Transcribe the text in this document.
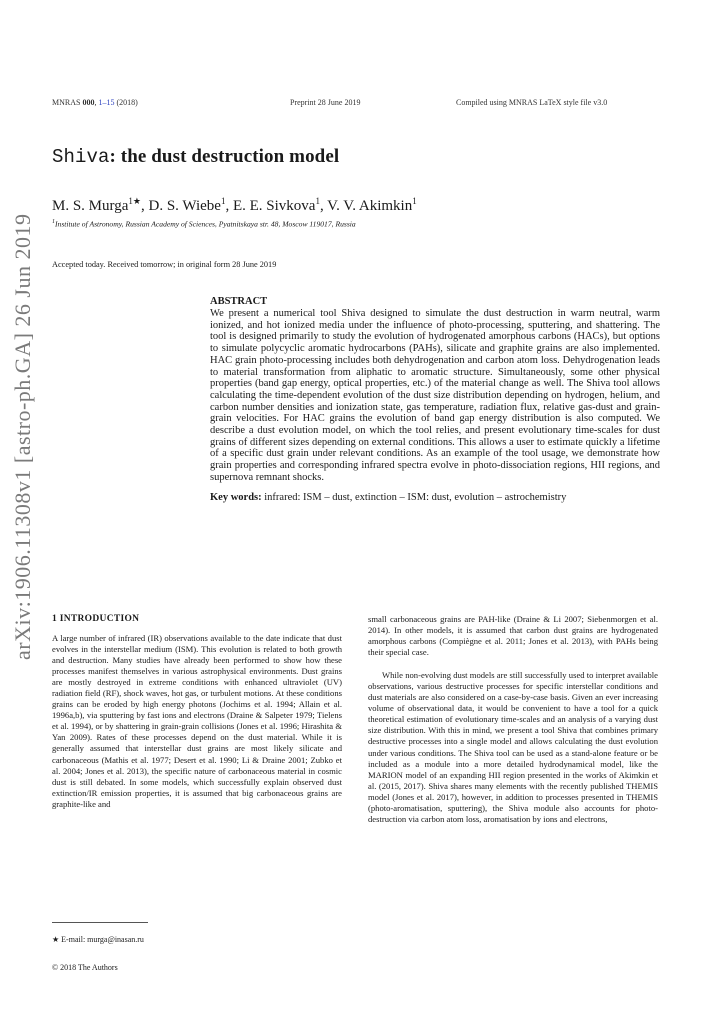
MNRAS 000, 1–15 (2018)	Preprint 28 June 2019	Compiled using MNRAS LaTeX style file v3.0
Shiva: the dust destruction model
M. S. Murga$^{1★}$, D. S. Wiebe$^1$, E. E. Sivkova$^1$, V. V. Akimkin$^1$
$^1$Institute of Astronomy, Russian Academy of Sciences, Pyatnitskaya str. 48, Moscow 119017, Russia
Accepted today. Received tomorrow; in original form 28 June 2019
arXiv:1906.11308v1 [astro-ph.GA] 26 Jun 2019	ABSTRACT
We present a numerical tool Shiva designed to simulate the dust destruction in warm neutral, warm ionized, and hot ionized media under the influence of photo-processing, sputtering, and shattering. The tool is designed primarily to study the evolution of hydrogenated amorphous carbons (HACs), but options to simulate polycyclic aromatic hydrocarbons (PAHs), silicate and graphite grains are also implemented. HAC grain photo-processing includes both dehydrogenation and carbon atom loss. Dehydrogenation leads to material transformation from aliphatic to aromatic structure. Simultaneously, some other physical properties (band gap energy, optical properties, etc.) of the material change as well. The Shiva tool allows calculating the time-dependent evolution of the dust size distribution depending on hydrogen, helium, and carbon number densities and ionization state, gas temperature, radiation flux, relative gas-dust and grain-grain velocities. For HAC grains the evolution of band gap energy distribution is also computed. We describe a dust evolution model, on which the tool relies, and present evolutionary time-scales for dust grains of different sizes depending on external conditions. This allows a user to estimate quickly a lifetime of a specific dust grain under relevant conditions. As an example of the tool usage, we demonstrate how grain properties and corresponding infrared spectra evolve in photo-dissociation regions, HII regions, and supernova remnant shocks.
Key words: infrared: ISM – dust, extinction – ISM: dust, evolution – astrochemistry
1 INTRODUCTION
A large number of infrared (IR) observations available to the date indicate that dust evolves in the interstellar medium (ISM). This evolution is related to both growth and destruction. Many studies have already been performed to show how these processes manifest themselves in various astrophysical environments. Dust grains are mostly destroyed in extreme conditions with enhanced ultraviolet (UV) radiation field (RF), shock waves, hot gas, or turbulent motions. At these conditions grains can be eroded by high energy photons (Jochims et al. 1994; Allain et al. 1996a,b), via sputtering by fast ions and electrons (Draine & Salpeter 1979; Tielens et al. 1994), or by shattering in grain-grain collisions (Jones et al. 1996; Hirashita & Yan 2009). Rates of these processes depend on the dust material. While it is generally assumed that interstellar dust grains are most likely silicate and carbonaceous (Mathis et al. 1977; Desert et al. 1990; Li & Draine 2001; Zubko et al. 2004; Jones et al. 2013), the specific nature of carbonaceous material in cosmic dust is still debated. In some models, which successfully explain observed dust extinction/IR emission properties, it is assumed that big carbonaceous grains are graphite-like and
small carbonaceous grains are PAH-like (Draine & Li 2007; Siebenmorgen et al. 2014). In other models, it is assumed that carbon dust grains are hydrogenated amorphous carbons (Compiègne et al. 2011; Jones et al. 2013), with PAHs being their special case.
While non-evolving dust models are still successfully used to interpret available observations, various destructive processes for specific interstellar conditions and dust materials are also considered on a case-by-case basis. Given an ever increasing volume of observational data, it would be convenient to have a tool for a quick theoretical estimation of evolutionary time-scales and an analysis of a varying dust size distribution. With this in mind, we present a tool Shiva that combines primary destructive processes into a single model and allows calculating the dust evolution under various conditions. The Shiva tool can be used as a stand-alone feature or be included as a module into a more detailed hydrodynamical model, like the MARION model of an expanding HII region presented in the works of Akimkin et al. (2015, 2017). Shiva shares many elements with the recently published THEMIS model (Jones et al. 2017), however, in addition to processes presented in THEMIS (photo-aromatisation, sputtering), the Shiva module also accounts for photo-destruction via carbon atom loss, aromatisation by ions and electrons,
★ E-mail: murga@inasan.ru
© 2018 The Authors
